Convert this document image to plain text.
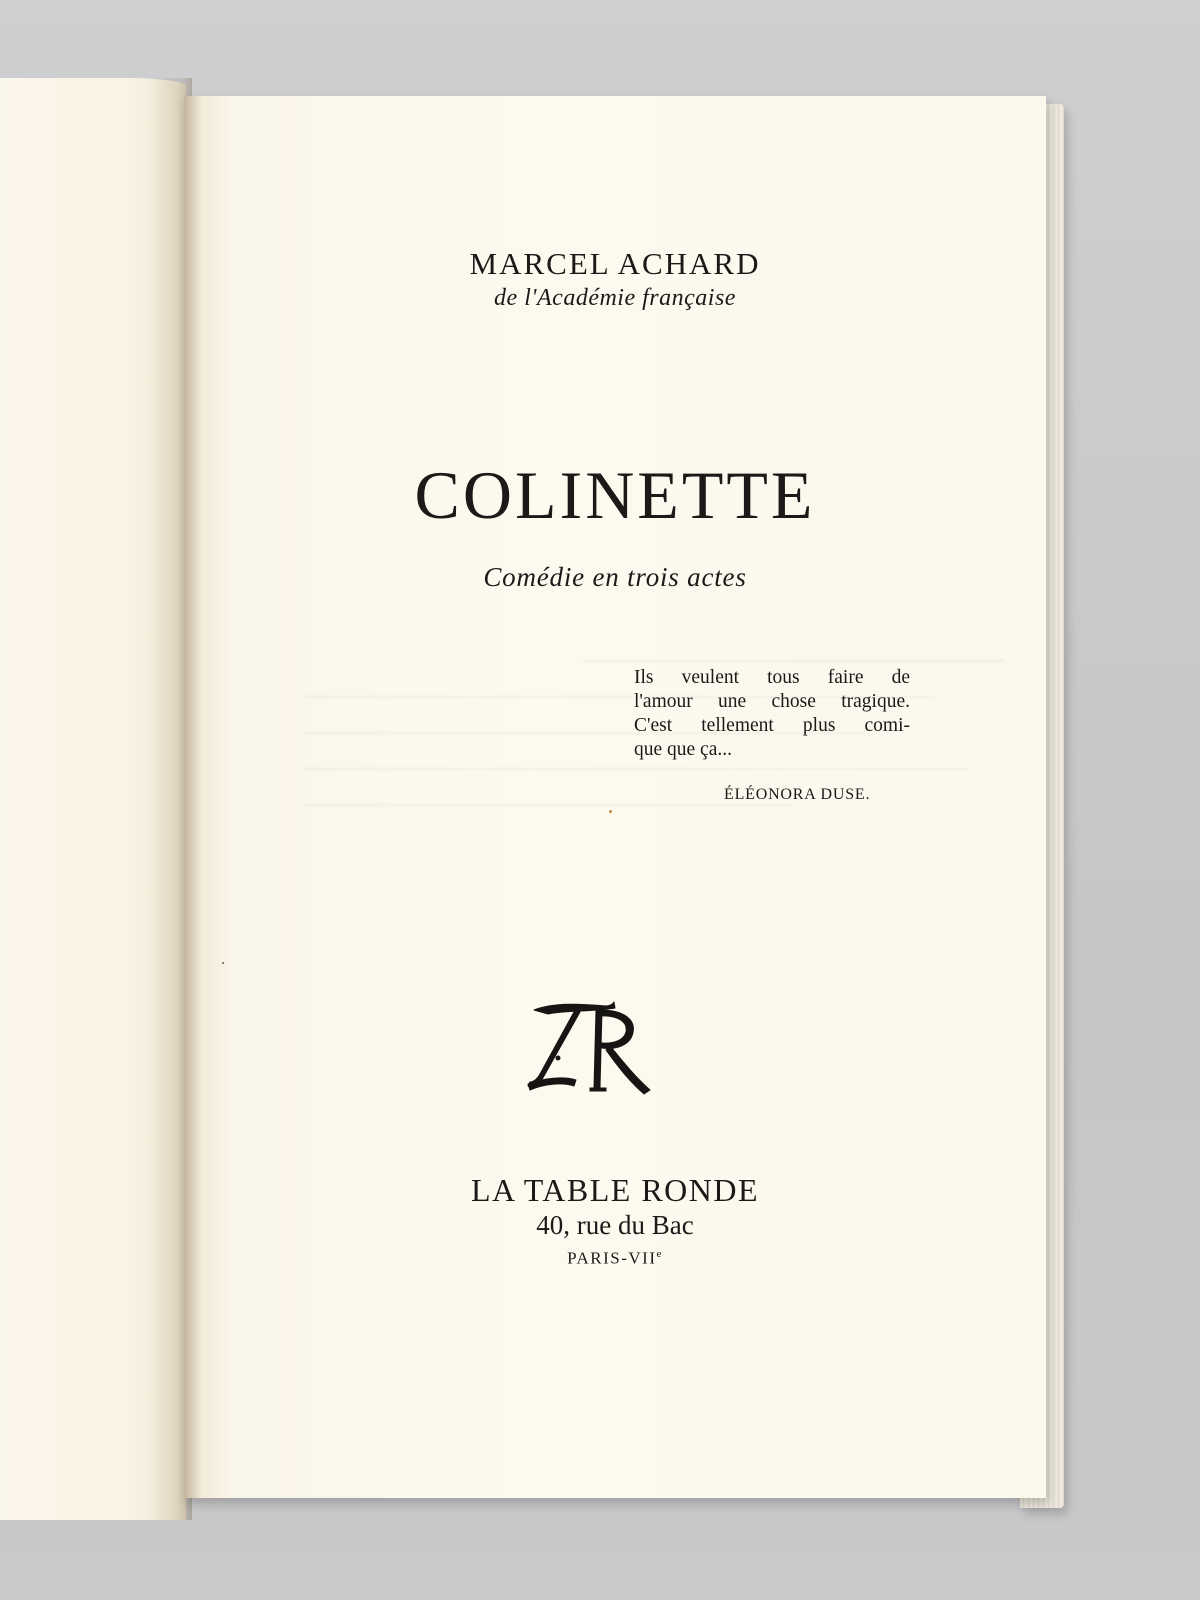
MARCEL ACHARD
de l'Académie française
COLINETTE
Comédie en trois actes
Ils veulent tous faire de
l'amour une chose tragique.
C'est tellement plus comi-
que que ça...
ÉLÉONORA DUSE.
LA TABLE RONDE
40, rue du Bac
PARIS-VIIe
